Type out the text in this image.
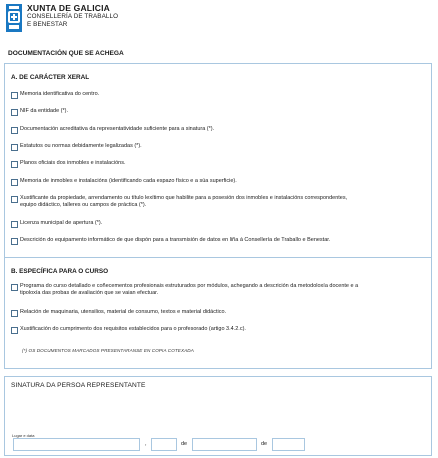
XUNTA DE GALICIA
CONSELLERÍA DE TRABALLO
E BENESTAR
DOCUMENTACIÓN QUE SE ACHEGA
A. DE CARÁCTER XERAL
Memoria identificativa do centro.
NIF da entidade (*).
Documentación acreditativa da representatividade suficiente para a sinatura (*).
Estatutos ou normas debidamente legalizadas (*).
Planos oficiais dos inmobles e instalacións.
Memoria de inmobles e instalacións (identificando cada espazo físico e a súa superficie).
Xustificante da propiedade, arrendamento ou título lexítimo que habilite para a posesión dos inmobles e instalacións correspondentes,
equipo didáctico, talleres ou campos de práctica (*).
Licenza municipal de apertura (*).
Descrición do equipamento informático de que dispón para a transmisión de datos en liña á Consellería de Traballo e Benestar.
B. ESPECÍFICA PARA O CURSO
Programa do curso detallado e coñecementos profesionais estruturados por módulos, achegando a descrición da metodoloxía docente e a
tipoloxía das probas de avaliación que se vaian efectuar.
Relación de maquinaria, utensilios, material de consumo, textos e material didáctico.
Xustificación do cumprimento dos requisitos establecidos para o profesorado (artigo 3.4.2.c).
(*) OS DOCUMENTOS MARCADOS PRESENTARANSE EN COPIA COTEXADA
SINATURA DA PERSOA REPRESENTANTE
Lugar e data
,	de	de
